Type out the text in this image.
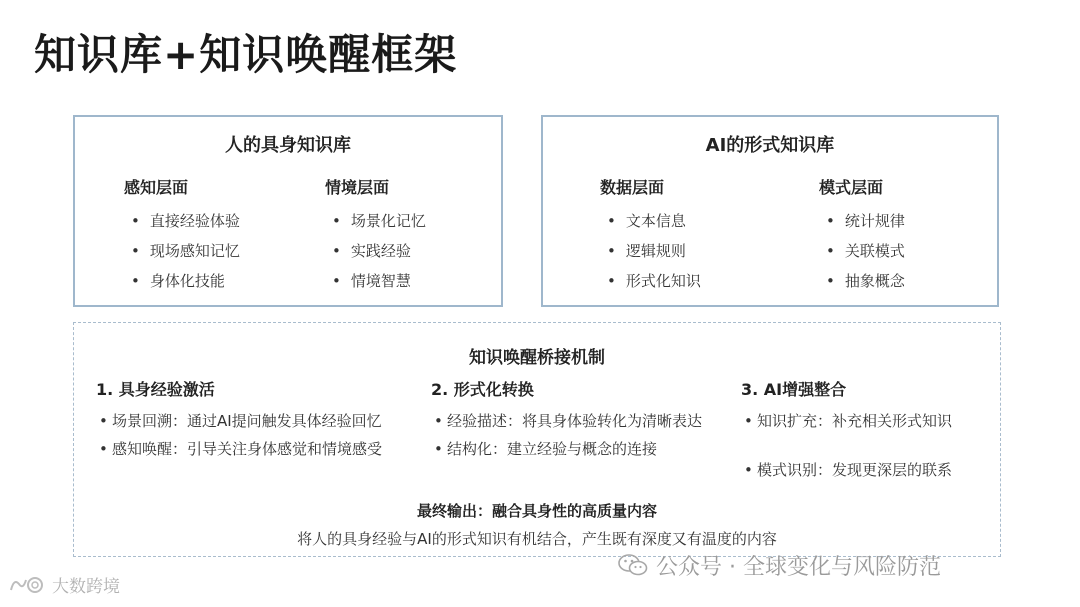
知识库+知识唤醒框架
人的具身知识库
感知层面
• 直接经验体验
• 现场感知记忆
• 身体化技能
情境层面
• 场景化记忆
• 实践经验
• 情境智慧
AI的形式知识库
数据层面
• 文本信息
• 逻辑规则
• 形式化知识
模式层面
• 统计规律
• 关联模式
• 抽象概念
知识唤醒桥接机制
1. 具身经验激活
• 场景回溯：通过AI提问触发具体经验回忆
• 感知唤醒：引导关注身体感觉和情境感受
2. 形式化转换
• 经验描述：将具身体验转化为清晰表达
• 结构化：建立经验与概念的连接
3. AI增强整合
• 知识扩充：补充相关形式知识
• 模式识别：发现更深层的联系
最终输出：融合具身性的高质量内容
将人的具身经验与AI的形式知识有机结合，产生既有深度又有温度的内容
公众号 · 全球变化与风险防范
大数跨境
